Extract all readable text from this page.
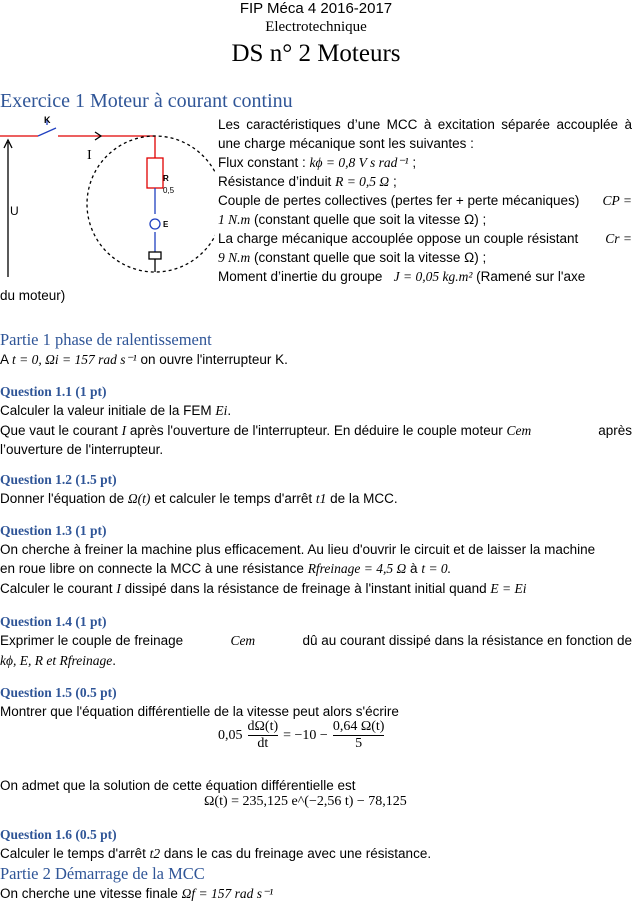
FIP Méca 4 2016-2017
Electrotechnique
DS n° 2 Moteurs
Exercice 1 Moteur à courant continu
K
I
U
R
0,5
E
Les caractéristiques d’une MCC à excitation séparée accouplée à
une charge mécanique sont les suivantes :
Flux constant : kϕ = 0,8 V s rad⁻¹ ;
Résistance d’induit R = 0,5 Ω ;
Couple de pertes collectives (pertes fer + perte mécaniques) CP =
1 N.m (constant quelle que soit la vitesse Ω) ;
La charge mécanique accouplée oppose un couple résistant Cr =
9 N.m (constant quelle que soit la vitesse Ω) ;
Moment d’inertie du groupe   J = 0,05 kg.m² (Ramené sur l'axe
du moteur)
Partie 1 phase de ralentissement
A t = 0, Ωi = 157 rad s⁻¹ on ouvre l'interrupteur K.
Question 1.1 (1 pt)
Calculer la valeur initiale de la FEM Ei.
Que vaut le courant I après l'ouverture de l'interrupteur. En déduire le couple moteur Cem	après
l’ouverture de l'interrupteur.
Question 1.2 (1.5 pt)
Donner l'équation de Ω(t) et calculer le temps d'arrêt t1 de la MCC.
Question 1.3 (1 pt)
On cherche à freiner la machine plus efficacement. Au lieu d'ouvrir le circuit et de laisser la machine
en roue libre on connecte la MCC à une résistance Rfreinage = 4,5 Ω à t = 0.
Calculer le courant I dissipé dans la résistance de freinage à l'instant initial quand E = Ei
Question 1.4 (1 pt)
Exprimer le couple de freinage	Cem	dû au courant dissipé dans la résistance en fonction de
kϕ, E, R et Rfreinage.
Question 1.5 (0.5 pt)
Montrer que l'équation différentielle de la vitesse peut alors s'écrire
$0,05 \frac{d\Omega(t)}{dt} = -10 - \frac{0,64 \Omega(t)}{5}$
On admet que la solution de cette équation différentielle est
Ω(t) = 235,125 e^(−2,56 t) − 78,125
Question 1.6 (0.5 pt)
Calculer le temps d'arrêt t2 dans le cas du freinage avec une résistance.
Partie 2 Démarrage de la MCC
On cherche une vitesse finale Ωf = 157 rad s⁻¹
